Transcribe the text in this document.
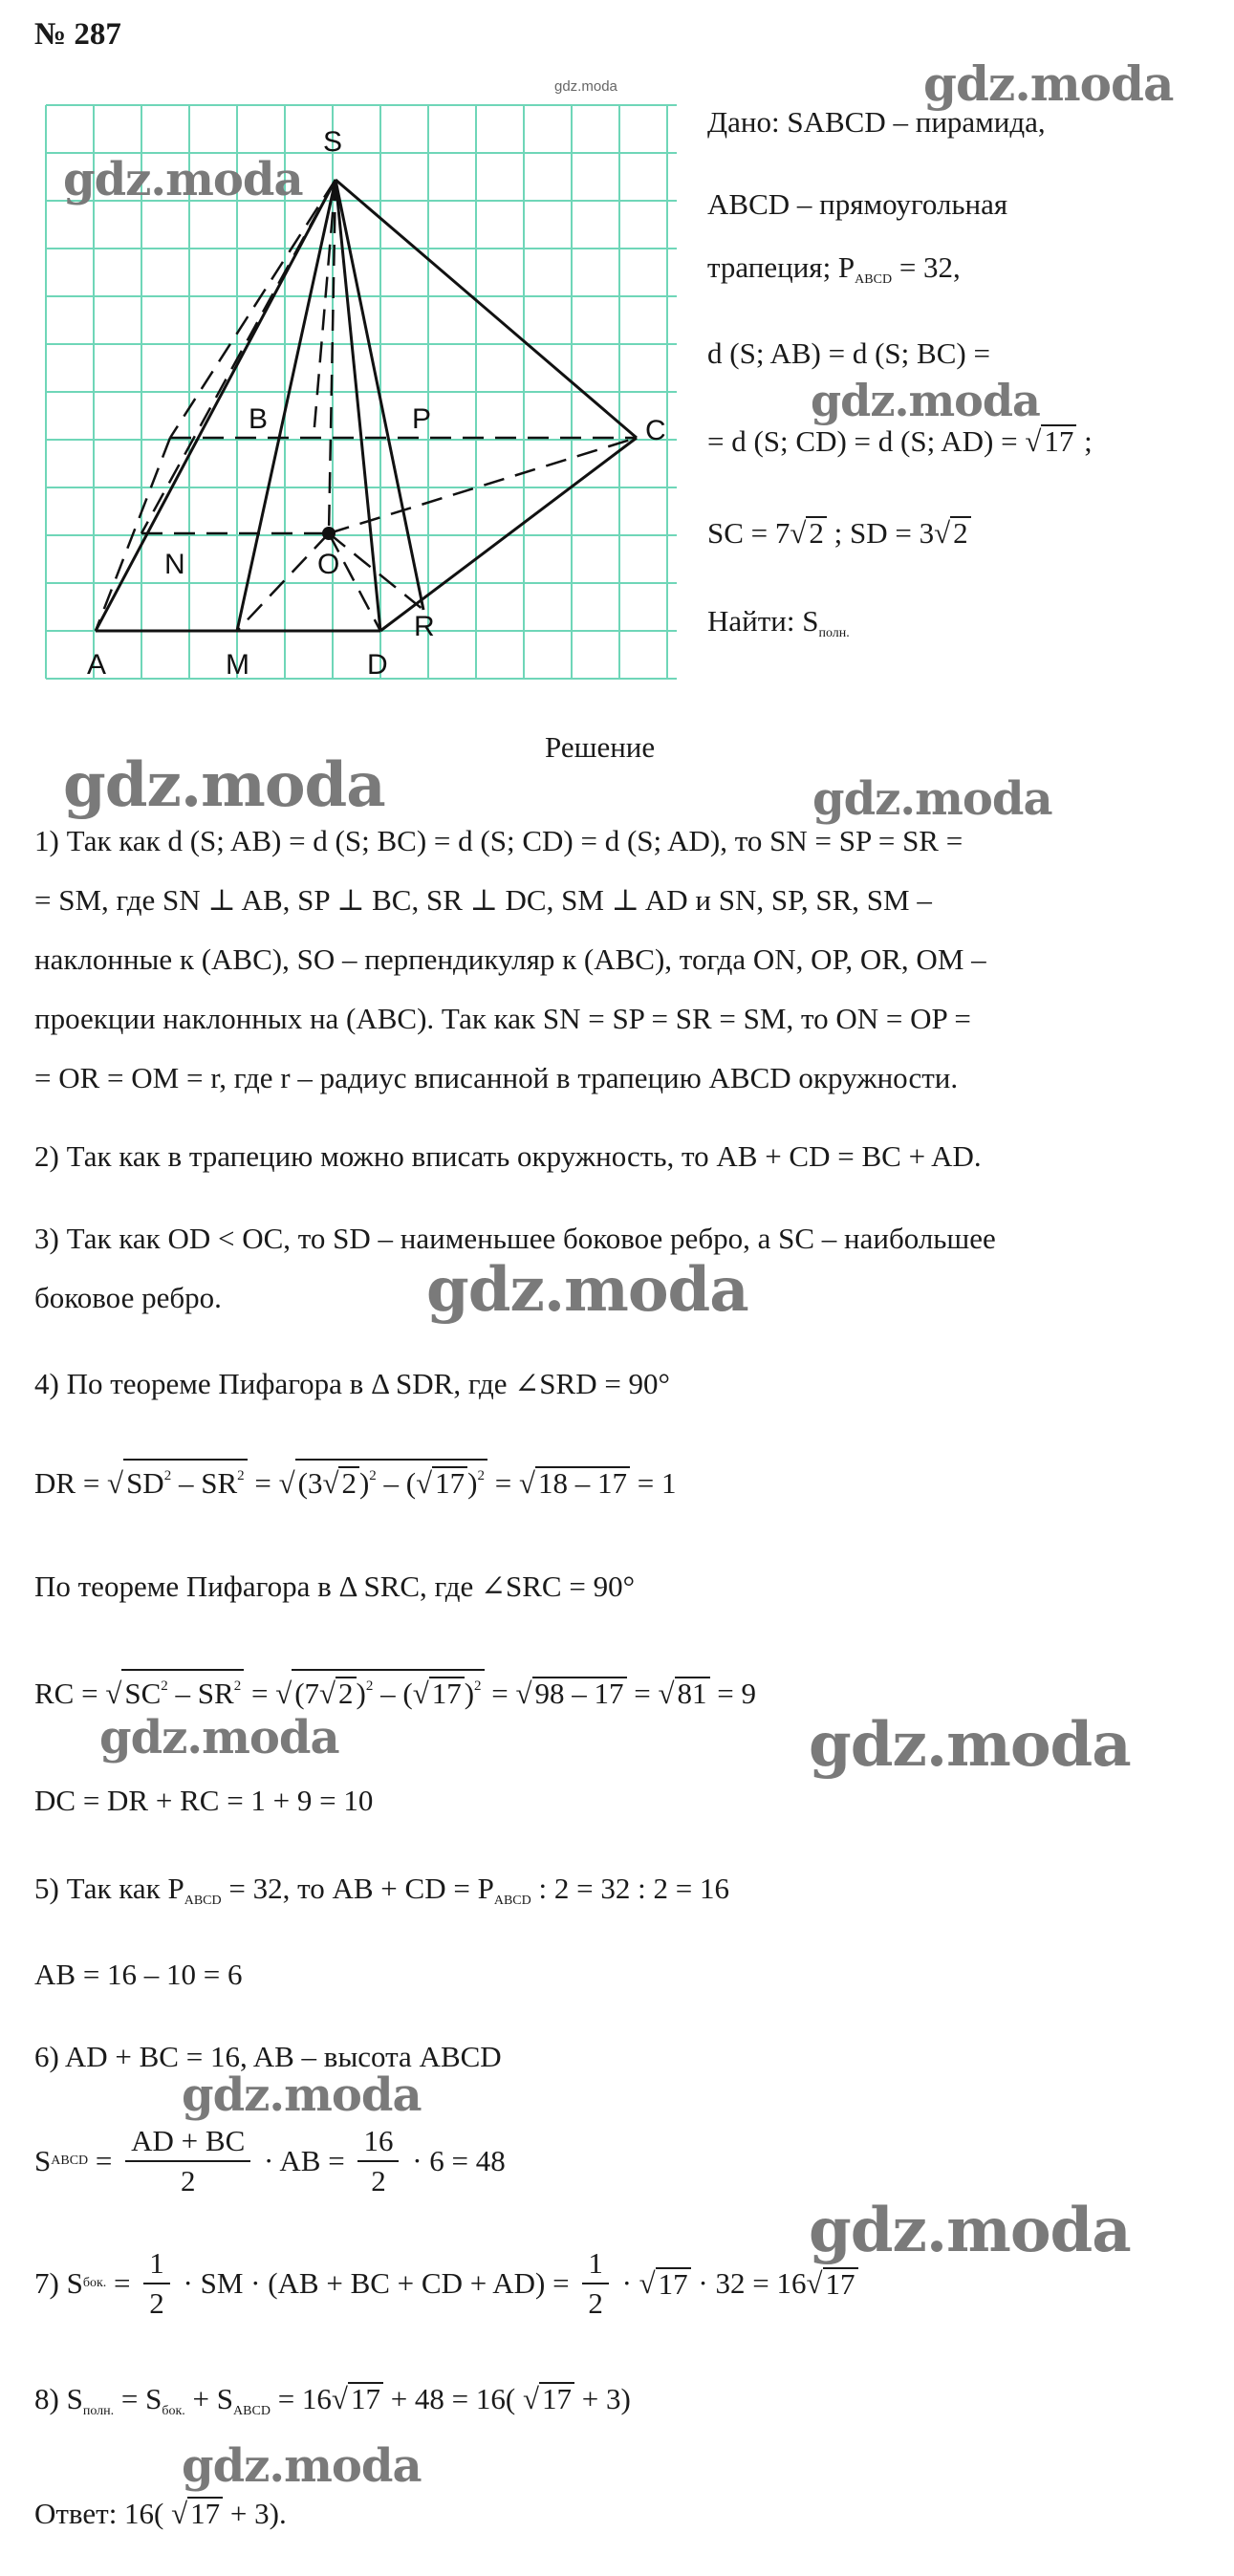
№ 287
S
B	P	C
N	O
A	M	D
R
Дано: SABCD – пирамида,
ABCD – прямоугольная
трапеция; $P_{ABCD} = 32$,
d (S; AB) = d (S; BC) =
= d (S; CD) = d (S; AD) = √17 ;
SC = 7√2 ; SD = 3√2
Найти: $S_{полн.}$
Решение
1) Так как d (S; AB) = d (S; BC) = d (S; CD) = d (S; AD), то SN = SP = SR =
= SM, где SN ⊥ AB, SP ⊥ BC, SR ⊥ DC, SM ⊥ AD и SN, SP, SR, SM –
наклонные к (ABC), SO – перпендикуляр к (ABC), тогда ON, OP, OR, OM –
проекции наклонных на (ABC). Так как SN = SP = SR = SM, то ON = OP =
= OR = OM = r, где r – радиус вписанной в трапецию ABCD окружности.
2) Так как в трапецию можно вписать окружность, то AB + CD = BC + AD.
3) Так как OD < OC, то SD – наименьшее боковое ребро, а SC – наибольшее
боковое ребро.
4) По теореме Пифагора в Δ SDR, где ∠SRD = 90°
DR = $√SD^2 - SR^2 = √(3√2)^2 - (√17)^2 = √18 - 17 = 1$
По теореме Пифагора в Δ SRC, где ∠SRC = 90°
RC = $√SC^2 - SR^2 = √(7√2)^2 - (√17)^2 = √98 - 17 = √81 = 9$
DC = DR + RC = 1 + 9 = 10
5) Так как $P_{ABCD} = 32$, то AB + CD = $P_{ABCD}$ : 2 = 32 : 2 = 16
AB = 16 – 10 = 6
6) AD + BC = 16, AB – высота ABCD
S ABCD = $\frac{AD + BC}{2}$ · AB = $\frac{16}{2} \cdot 6 = 48$
7) S бок. = $\frac{1}{2}$ · SM · (AB + BC + CD + $AD) = \frac{1}{2}$ · √ 17 · 32 = 16 √ 17
8) $S_{полн.} = S_{бок.} + S_{ABCD} = 16√17 + 48 = 16$( √17 + 3)
Ответ: 16( √17 + 3).
gdz.moda	gdz.moda
gdz.moda
gdz.moda
gdz.moda	gdz.moda
gdz.moda
gdz.moda	gdz.moda
gdz.moda
gdz.moda
gdz.moda
